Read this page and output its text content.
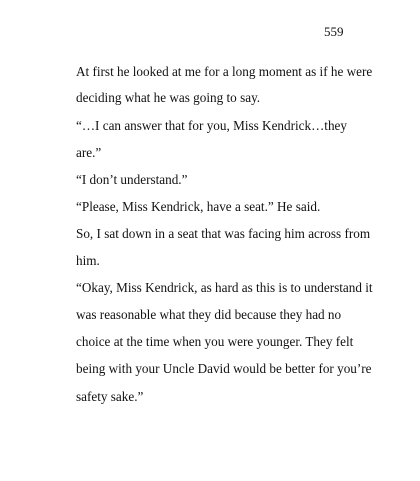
559
At first he looked at me for a long moment as if he were
deciding what he was going to say.
“…I can answer that for you, Miss Kendrick…they
are.”
“I don’t understand.”
“Please, Miss Kendrick, have a seat.” He said.
So, I sat down in a seat that was facing him across from
him.
“Okay, Miss Kendrick, as hard as this is to understand it
was reasonable what they did because they had no
choice at the time when you were younger. They felt
being with your Uncle David would be better for you’re
safety sake.”
